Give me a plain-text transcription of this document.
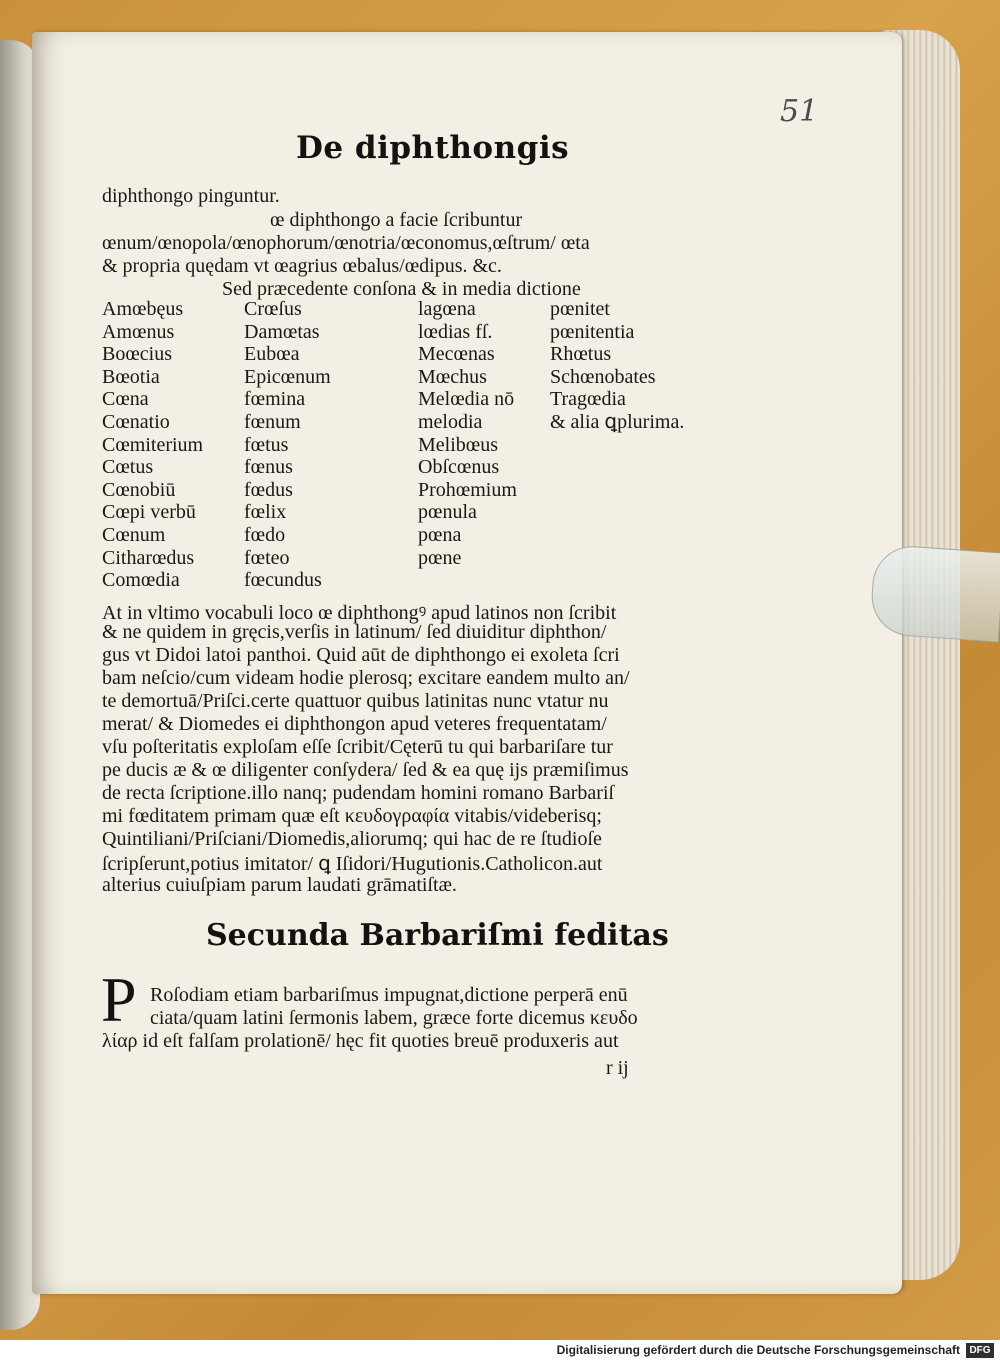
51
De diphthongis
diphthongo pinguntur.
œ diphthongo a facie ſcribuntur
œnum/œnopola/œnophorum/œnotria/œconomus,œſtrum/ œta
& propria quędam vt œagrius œbalus/œdipus. &c.
Sed præcedente conſona & in media dictione
Amœbęus
Amœnus
Boœcius
Bœotia
Cœna
Cœnatio
Cœmiterium
Cœtus
Cœnobiū
Cœpi verbū
Cœnum
Citharœdus
Comœdia
Crœſus
Damœtas
Eubœa
Epicœnum
fœmina
fœnum
fœtus
fœnus
fœdus
fœlix
fœdo
fœteo
fœcundus
lagœna
lœdias fſ.
Mecœnas
Mœchus
Melœdia nō
melodia
Melibœus
Obſcœnus
Prohœmium
pœnula
pœna
pœne
pœnitet
pœnitentia
Rhœtus
Schœnobates
Tragœdia
& alia ꝗplurima.
At in vltimo vocabuli loco œ diphthongꝰ apud latinos non ſcribit
& ne quidem in gręcis,verſis in latinum/ ſed diuiditur diphthon/
gus vt Didoi latoi panthoi. Quid aūt de diphthongo ei exoleta ſcri
bam neſcio/cum videam hodie plerosq; excitare eandem multo an/
te demortuā/Priſci.certe quattuor quibus latinitas nunc vtatur nu
merat/ & Diomedes ei diphthongon apud veteres frequentatam/
vſu poſteritatis exploſam eſſe ſcribit/Cęterū tu qui barbariſare tur
pe ducis æ & œ diligenter conſydera/ ſed & ea quę ĳs præmiſimus
de recta ſcriptione.illo nanq; pudendam homini romano Barbariſ
mi fœditatem primam quæ eſt κευδογραφία vitabis/videberisq;
Quintiliani/Priſciani/Diomedis,aliorumq; qui hac de re ſtudioſe
ſcripſerunt,potius imitator/ ꝗ Iſidori/Hugutionis.Catholicon.aut
alterius cuiuſpiam parum laudati grāmatiſtæ.
Secunda Barbariſmi feditas
P Roſodiam etiam barbariſmus impugnat,dictione perperā enū
ciata/quam latini ſermonis labem, græce forte dicemus κευδο
λίαρ id eſt falſam prolationē/ hęc fit quoties breuē produxeris aut
r ĳ
Digitalisierung gefördert durch die Deutsche Forschungsgemeinschaft DFG
